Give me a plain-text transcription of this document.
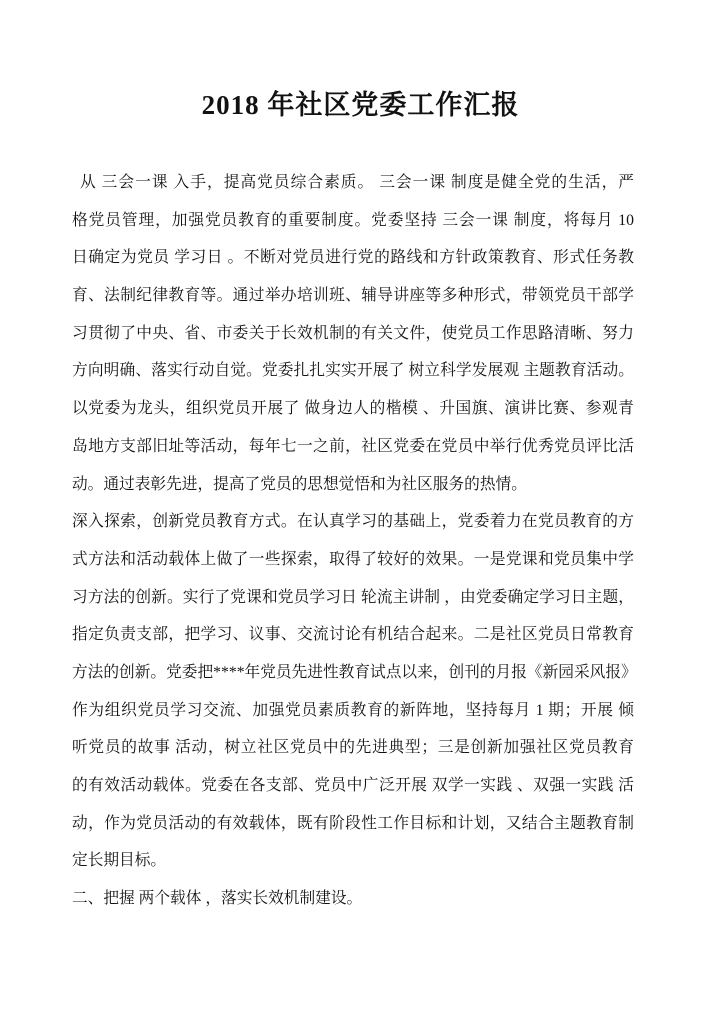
2018 年社区党委工作汇报
从 三会一课 入手，提高党员综合素质。 三会一课 制度是健全党的生活，严
格党员管理，加强党员教育的重要制度。党委坚持 三会一课 制度，将每月 10
日确定为党员 学习日 。不断对党员进行党的路线和方针政策教育、形式任务教
育、法制纪律教育等。通过举办培训班、辅导讲座等多种形式，带领党员干部学
习贯彻了中央、省、市委关于长效机制的有关文件，使党员工作思路清晰、努力
方向明确、落实行动自觉。党委扎扎实实开展了 树立科学发展观 主题教育活动。
以党委为龙头，组织党员开展了 做身边人的楷模 、升国旗、演讲比赛、参观青
岛地方支部旧址等活动，每年七一之前，社区党委在党员中举行优秀党员评比活
动。通过表彰先进，提高了党员的思想觉悟和为社区服务的热情。
深入探索，创新党员教育方式。在认真学习的基础上，党委着力在党员教育的方
式方法和活动载体上做了一些探索，取得了较好的效果。一是党课和党员集中学
习方法的创新。实行了党课和党员学习日 轮流主讲制 ，由党委确定学习日主题，
指定负责支部，把学习、议事、交流讨论有机结合起来。二是社区党员日常教育
方法的创新。党委把****年党员先进性教育试点以来，创刊的月报《新园采风报》
作为组织党员学习交流、加强党员素质教育的新阵地，坚持每月 1 期；开展 倾
听党员的故事 活动，树立社区党员中的先进典型；三是创新加强社区党员教育
的有效活动载体。党委在各支部、党员中广泛开展 双学一实践 、双强一实践 活
动，作为党员活动的有效载体，既有阶段性工作目标和计划，又结合主题教育制
定长期目标。
二、把握 两个载体 ，落实长效机制建设。
